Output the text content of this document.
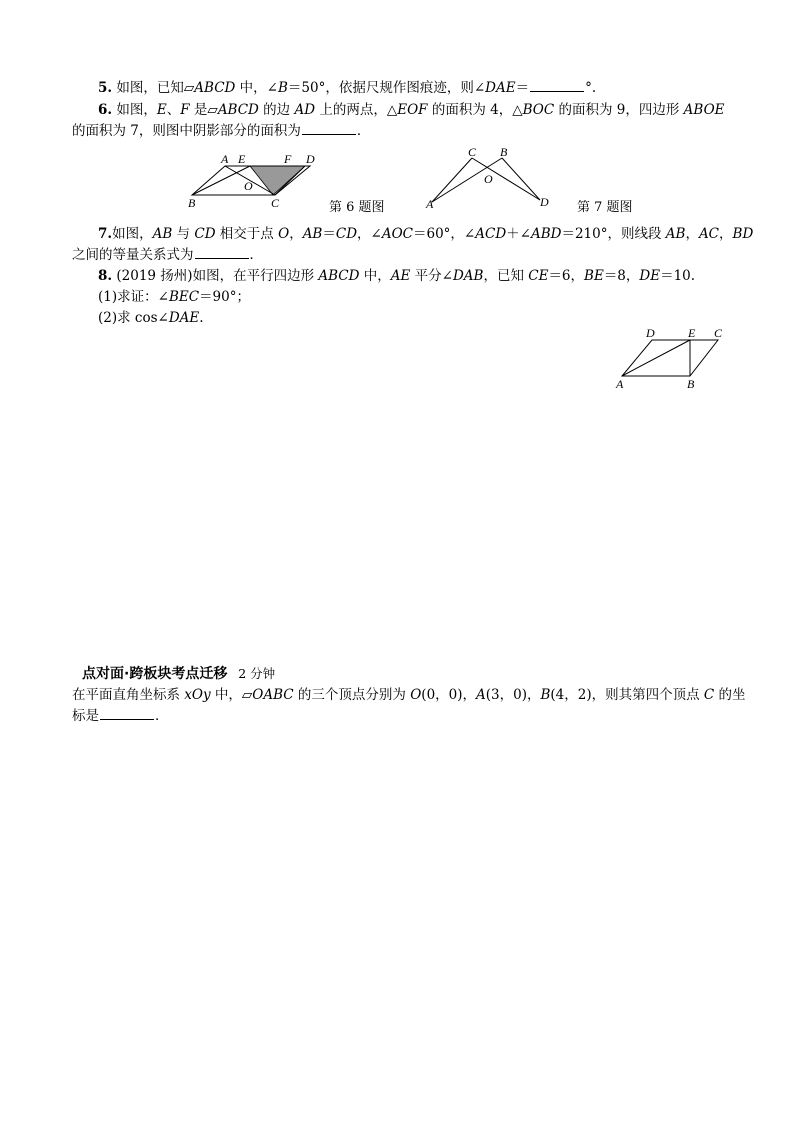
5. 如图，已知▱ABCD 中，∠B＝50°，依据尺规作图痕迹，则∠DAE＝	°.
6. 如图，E、F 是▱ABCD 的边 AD 上的两点，△EOF 的面积为 4，△BOC 的面积为 9，四边形 ABOE
的面积为 7，则图中阴影部分的面积为	．
A E	F D
O
B	C	第 6 题图
C B
O
A	D 第 7 题图
7.如图，AB 与 CD 相交于点 O，AB＝CD，∠AOC＝60°，∠ACD＋∠ABD＝210°，则线段 AB，AC，BD
之间的等量关系式为	．
8. (2019 扬州)如图，在平行四边形 ABCD 中，AE 平分∠DAB，已知 CE＝6，BE＝8，DE＝10.
(1)求证：∠BEC＝90°；
(2)求 cos∠DAE.
D	E C
A	B
点对面·跨板块考点迁移 2 分钟
在平面直角坐标系 xOy 中，▱OABC 的三个顶点分别为 O(0，0)，A(3，0)，B(4，2)，则其第四个顶点 C 的坐
标是	．
